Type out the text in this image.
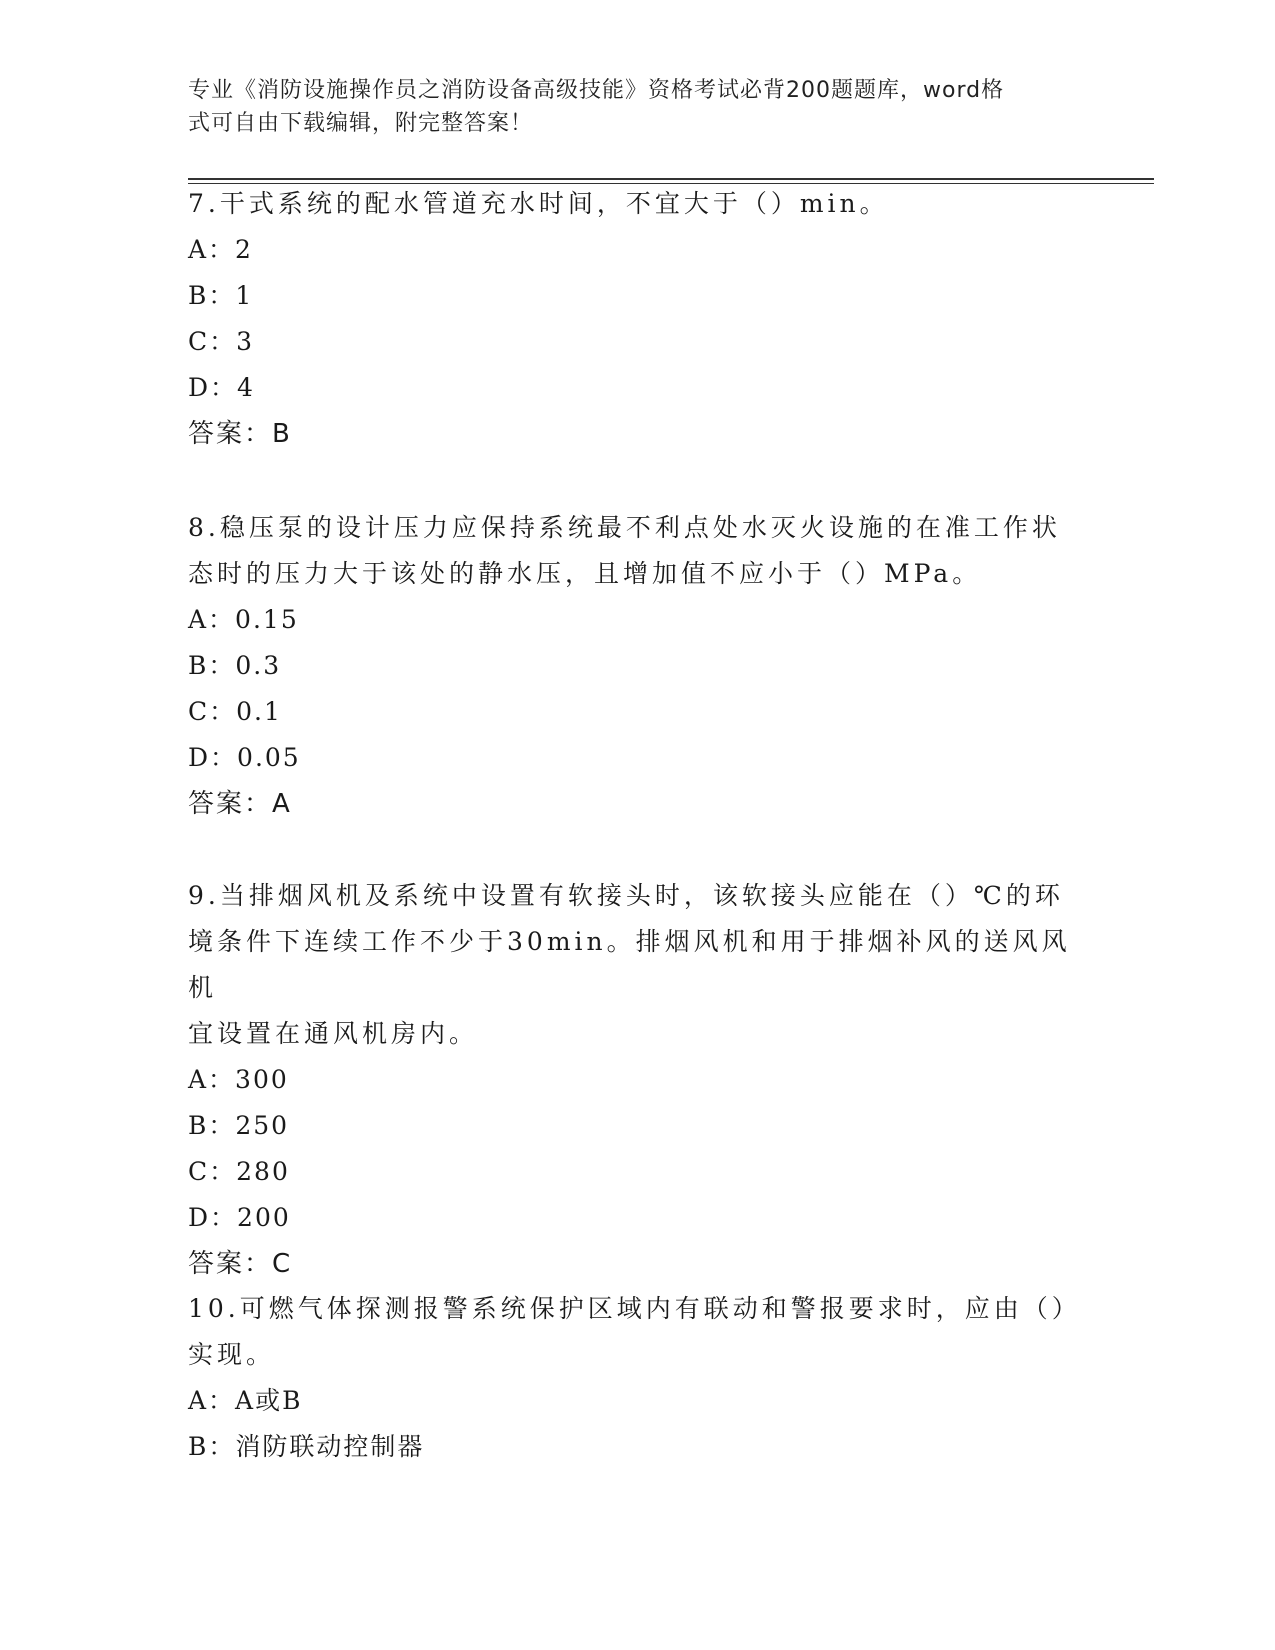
专业《消防设施操作员之消防设备高级技能》资格考试必背200题题库，word格
式可自由下载编辑，附完整答案！

7.干式系统的配水管道充水时间，不宜大于（）min。

A：2

B：1

C：3

D：4

答案：B

8.稳压泵的设计压力应保持系统最不利点处水灭火设施的在准工作状

态时的压力大于该处的静水压，且增加值不应小于（）MPa。

A：0.15

B：0.3

C：0.1

D：0.05

答案：A

9.当排烟风机及系统中设置有软接头时，该软接头应能在（）℃的环

境条件下连续工作不少于30min。排烟风机和用于排烟补风的送风风机

宜设置在通风机房内。

A：300

B：250

C：280

D：200

答案：C

10.可燃气体探测报警系统保护区域内有联动和警报要求时，应由（）

实现。

A：A或B

B：消防联动控制器
